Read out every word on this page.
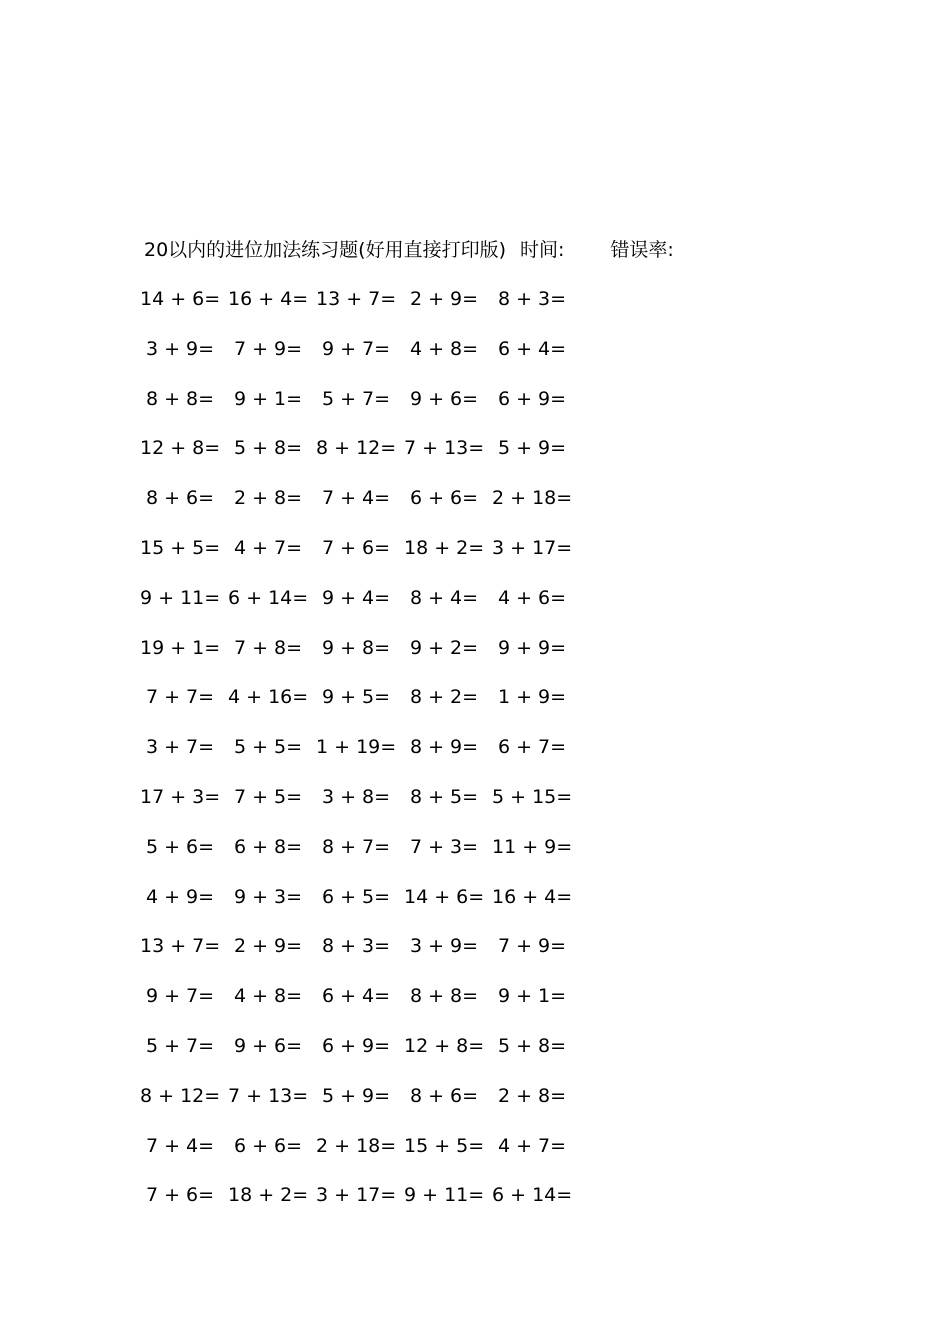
20以内的进位加法练习题(好用直接打印版) 时间: 错误率:
14 + 6= 16 + 4= 13 + 7= 2 + 9=	8 + 3=
3 + 9=	7 + 9=	9 + 7=	4 + 8=	6 + 4=
8 + 8=	9 + 1=	5 + 7=	9 + 6=	6 + 9=
12 + 8= 5 + 8= 8 + 12= 7 + 13= 5 + 9=
8 + 6=	2 + 8=	7 + 4=	6 + 6= 2 + 18=
15 + 5= 4 + 7=	7 + 6= 18 + 2= 3 + 17=
9 + 11= 6 + 14= 9 + 4=	8 + 4=	4 + 6=
19 + 1= 7 + 8=	9 + 8=	9 + 2=	9 + 9=
7 + 7= 4 + 16= 9 + 5=	8 + 2=	1 + 9=
3 + 7=	5 + 5= 1 + 19= 8 + 9=	6 + 7=
17 + 3= 7 + 5=	3 + 8=	8 + 5= 5 + 15=
5 + 6=	6 + 8=	8 + 7=	7 + 3= 11 + 9=
4 + 9=	9 + 3=	6 + 5= 14 + 6= 16 + 4=
13 + 7= 2 + 9=	8 + 3=	3 + 9=	7 + 9=
9 + 7=	4 + 8=	6 + 4=	8 + 8=	9 + 1=
5 + 7=	9 + 6=	6 + 9= 12 + 8= 5 + 8=
8 + 12= 7 + 13= 5 + 9=	8 + 6=	2 + 8=
7 + 4=	6 + 6= 2 + 18= 15 + 5= 4 + 7=
7 + 6= 18 + 2= 3 + 17= 9 + 11= 6 + 14=
